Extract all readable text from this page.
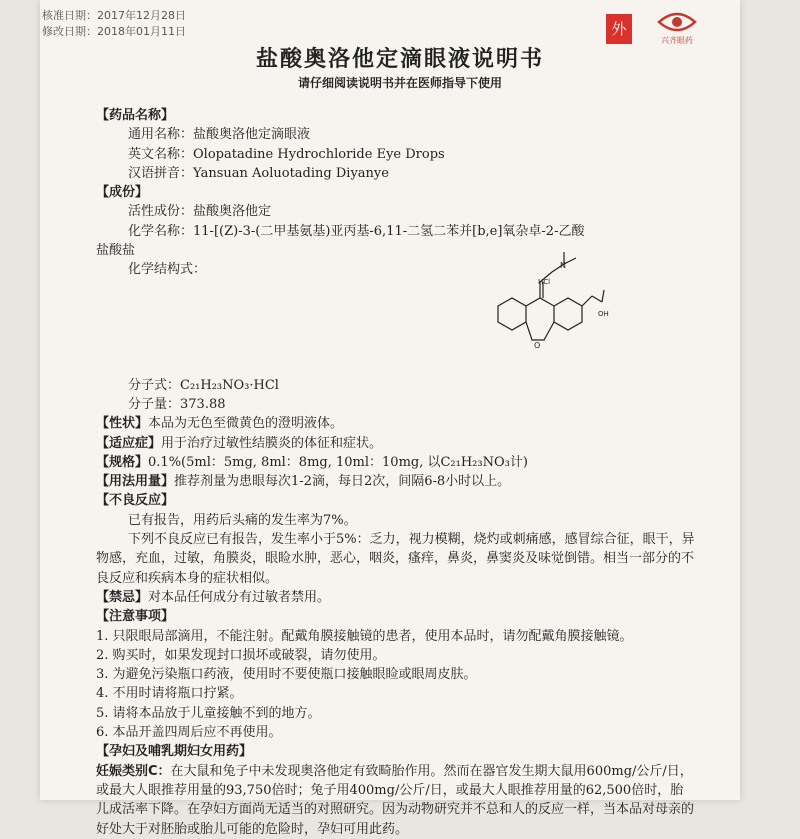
核准日期：2017年12月28日
修改日期：2018年01月11日	外
兴齐眼药
盐酸奥洛他定滴眼液说明书
请仔细阅读说明书并在医师指导下使用
【药品名称】
通用名称：盐酸奥洛他定滴眼液
英文名称：Olopatadine Hydrochloride Eye Drops
汉语拼音：Yansuan Aoluotading Diyanye
【成份】
活性成份：盐酸奥洛他定
化学名称：11-[(Z)-3-(二甲基氨基)亚丙基-6,11-二氢二苯并[b,e]氧杂卓-2-乙酸
盐酸盐
化学结构式：
分子式：C₂₁H₂₃NO₃·HCl
分子量：373.88
【性状】本品为无色至微黄色的澄明液体。
【适应症】用于治疗过敏性结膜炎的体征和症状。
【规格】0.1%(5ml：5mg, 8ml：8mg, 10ml：10mg, 以C₂₁H₂₃NO₃计)
【用法用量】推荐剂量为患眼每次1-2滴，每日2次，间隔6-8小时以上。
【不良反应】
已有报告，用药后头痛的发生率为7%。
下列不良反应已有报告，发生率小于5%：乏力，视力模糊，烧灼或刺痛感，感冒综合征，眼干，异物感，充血，过敏，角膜炎，眼睑水肿，恶心，咽炎，瘙痒，鼻炎，鼻窦炎及味觉倒错。相当一部分的不良反应和疾病本身的症状相似。
【禁忌】对本品任何成分有过敏者禁用。
【注意事项】
1. 只限眼局部滴用，不能注射。配戴角膜接触镜的患者，使用本品时，请勿配戴角膜接触镜。
2. 购买时，如果发现封口损坏或破裂，请勿使用。
3. 为避免污染瓶口药液，使用时不要使瓶口接触眼睑或眼周皮肤。
4. 不用时请将瓶口拧紧。
5. 请将本品放于儿童接触不到的地方。
6. 本品开盖四周后应不再使用。
【孕妇及哺乳期妇女用药】
妊娠类别C：在大鼠和兔子中未发现奥洛他定有致畸胎作用。然而在器官发生期大鼠用600mg/公斤/日，或最大人眼推荐用量的93,750倍时；兔子用400mg/公斤/日，或最大人眼推荐用量的62,500倍时，胎儿成活率下降。在孕妇方面尚无适当的对照研究。因为动物研究并不总和人的反应一样，当本品对母亲的好处大于对胚胎或胎儿可能的危险时，孕妇可用此药。
N
O
HCl
OH
